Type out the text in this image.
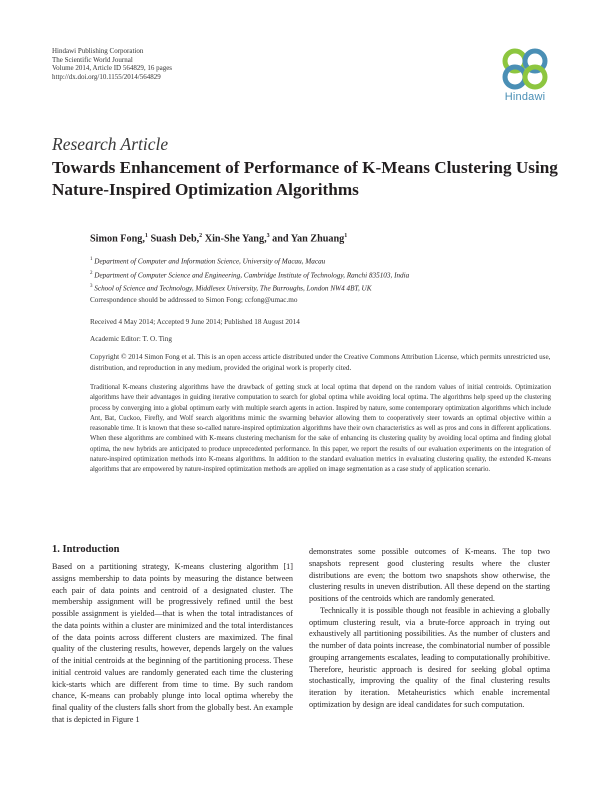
Hindawi Publishing Corporation
The Scientific World Journal
Volume 2014, Article ID 564829, 16 pages
http://dx.doi.org/10.1155/2014/564829
Hindawi
Research Article
Towards Enhancement of Performance of K-Means Clustering Using Nature-Inspired Optimization Algorithms
Simon Fong,$^1$ Suash Deb,$^2$ Xin-She Yang,$^3$ and Yan Zhuang$^1$
$^1$ Department of Computer and Information Science, University of Macau, Macau
$^2$ Department of Computer Science and Engineering, Cambridge Institute of Technology, Ranchi 835103, India
$^3$ School of Science and Technology, Middlesex University, The Burroughs, London NW4 4BT, UK
Correspondence should be addressed to Simon Fong; ccfong@umac.mo
Received 4 May 2014; Accepted 9 June 2014; Published 18 August 2014
Academic Editor: T. O. Ting
Copyright © 2014 Simon Fong et al. This is an open access article distributed under the Creative Commons Attribution License, which permits unrestricted use, distribution, and reproduction in any medium, provided the original work is properly cited.

Traditional K-means clustering algorithms have the drawback of getting stuck at local optima that depend on the random values of initial centroids. Optimization algorithms have their advantages in guiding iterative computation to search for global optima while avoiding local optima. The algorithms help speed up the clustering process by converging into a global optimum early with multiple search agents in action. Inspired by nature, some contemporary optimization algorithms which include Ant, Bat, Cuckoo, Firefly, and Wolf search algorithms mimic the swarming behavior allowing them to cooperatively steer towards an optimal objective within a reasonable time. It is known that these so-called nature-inspired optimization algorithms have their own characteristics as well as pros and cons in different applications. When these algorithms are combined with K-means clustering mechanism for the sake of enhancing its clustering quality by avoiding local optima and finding global optima, the new hybrids are anticipated to produce unprecedented performance. In this paper, we report the results of our evaluation experiments on the integration of nature-inspired optimization methods into K-means algorithms. In addition to the standard evaluation metrics in evaluating clustering quality, the extended K-means algorithms that are empowered by nature-inspired optimization methods are applied on image segmentation as a case study of application scenario.

1. Introduction

Based on a partitioning strategy, K-means clustering algorithm [1] assigns membership to data points by measuring the distance between each pair of data points and centroid of a designated cluster. The membership assignment will be progressively refined until the best possible assignment is yielded—that is when the total intradistances of the data points within a cluster are minimized and the total interdistances of the data points across different clusters are maximized. The final quality of the clustering results, however, depends largely on the values of the initial centroids at the beginning of the partitioning process. These initial centroid values are randomly generated each time the clustering kick-starts which are different from time to time. By such random chance, K-means can probably plunge into local optima whereby the final quality of the clusters falls short from the globally best. An example that is depicted in Figure 1

demonstrates some possible outcomes of K-means. The top two snapshots represent good clustering results where the cluster distributions are even; the bottom two snapshots show otherwise, the clustering results in uneven distribution. All these depend on the starting positions of the centroids which are randomly generated.

Technically it is possible though not feasible in achieving a globally optimum clustering result, via a brute-force approach in trying out exhaustively all partitioning possibilities. As the number of clusters and the number of data points increase, the combinatorial number of possible grouping arrangements escalates, leading to computationally prohibitive. Therefore, heuristic approach is desired for seeking global optima stochastically, improving the quality of the final clustering results iteration by iteration. Metaheuristics which enable incremental optimization by design are ideal candidates for such computation.
